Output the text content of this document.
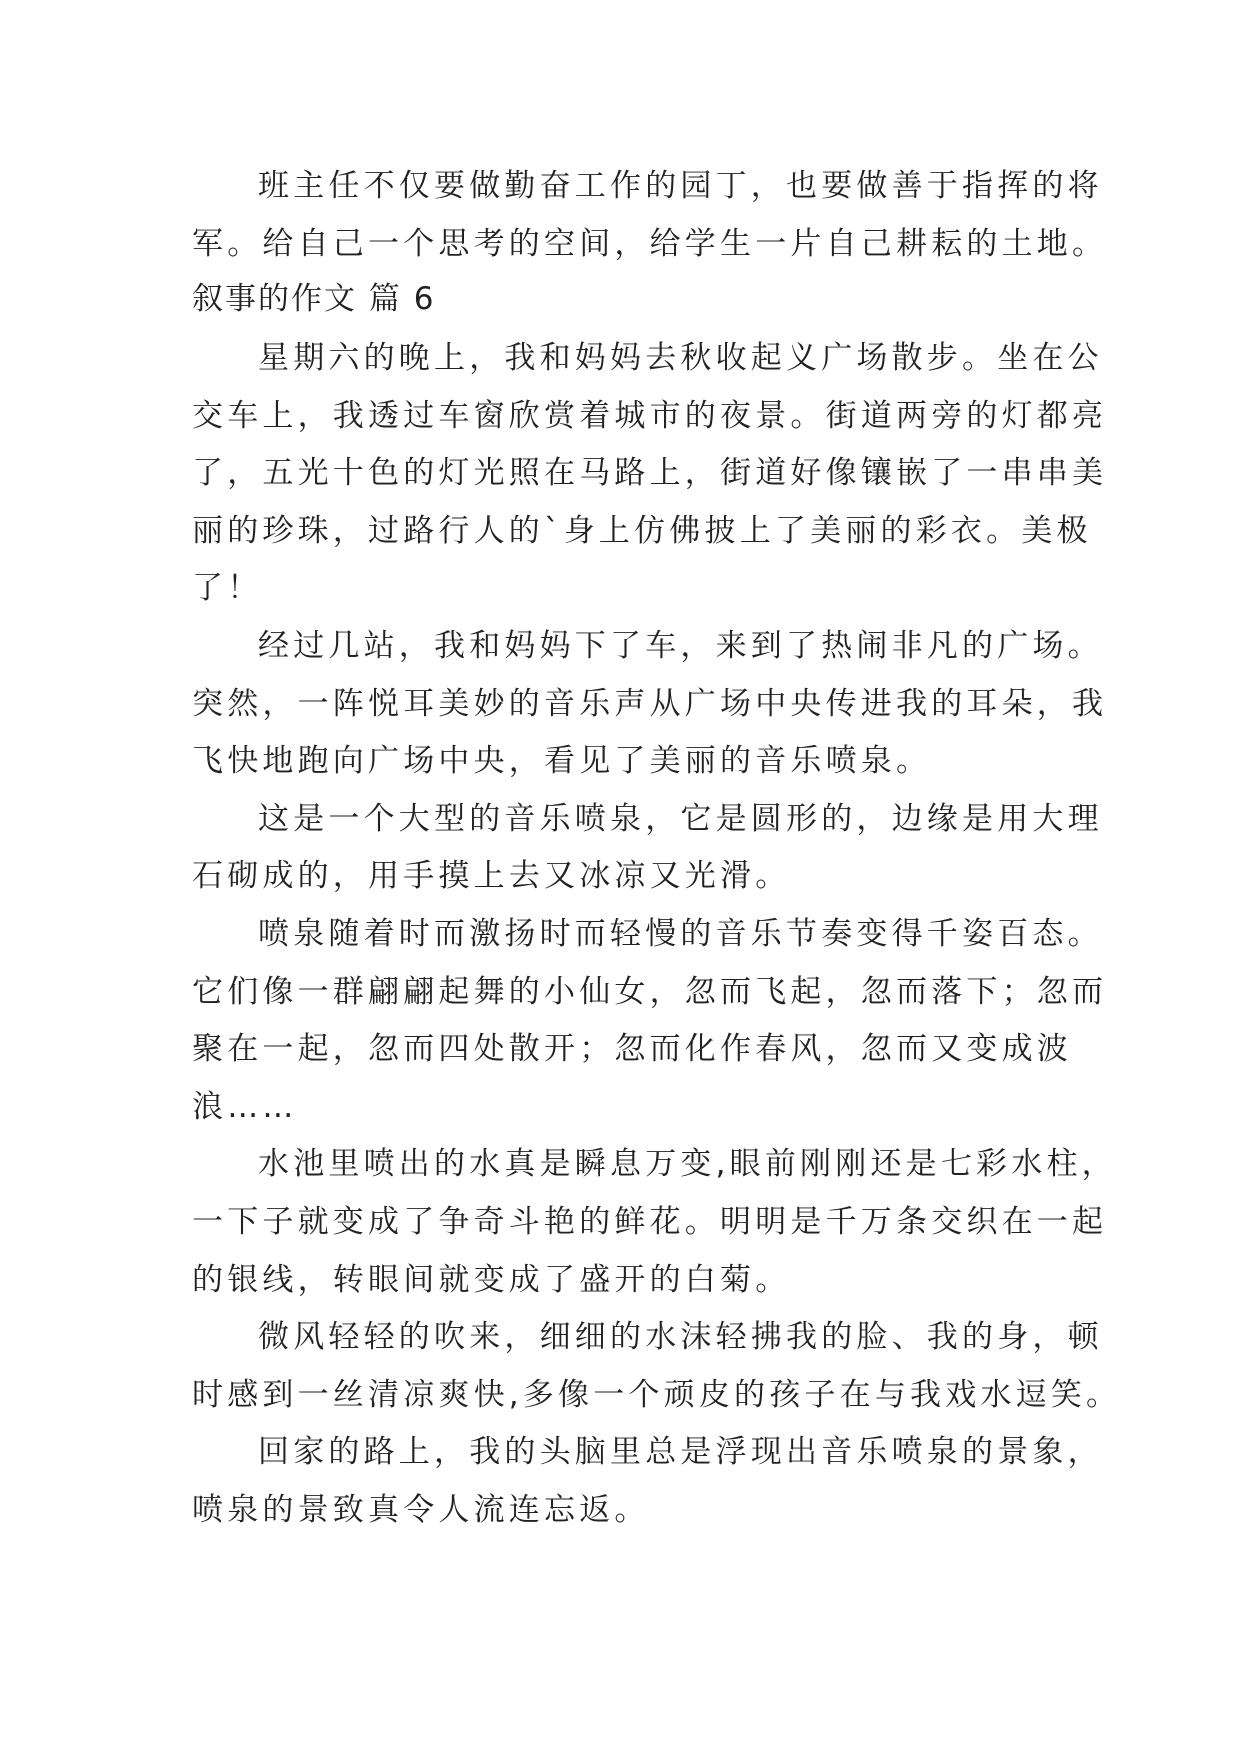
班主任不仅要做勤奋工作的园丁，也要做善于指挥的将
军。给自己一个思考的空间，给学生一片自己耕耘的土地。
叙事的作文 篇 6
星期六的晚上，我和妈妈去秋收起义广场散步。坐在公
交车上，我透过车窗欣赏着城市的夜景。街道两旁的灯都亮
了，五光十色的灯光照在马路上，街道好像镶嵌了一串串美
丽的珍珠，过路行人的`身上仿佛披上了美丽的彩衣。美极
了！
经过几站，我和妈妈下了车，来到了热闹非凡的广场。
突然，一阵悦耳美妙的音乐声从广场中央传进我的耳朵，我
飞快地跑向广场中央，看见了美丽的音乐喷泉。
这是一个大型的音乐喷泉，它是圆形的，边缘是用大理
石砌成的，用手摸上去又冰凉又光滑。
喷泉随着时而激扬时而轻慢的音乐节奏变得千姿百态。
它们像一群翩翩起舞的小仙女，忽而飞起，忽而落下；忽而
聚在一起，忽而四处散开；忽而化作春风，忽而又变成波
浪……
水池里喷出的水真是瞬息万变,眼前刚刚还是七彩水柱，
一下子就变成了争奇斗艳的鲜花。明明是千万条交织在一起
的银线，转眼间就变成了盛开的白菊。
微风轻轻的吹来，细细的水沫轻拂我的脸、我的身，顿
时感到一丝清凉爽快,多像一个顽皮的孩子在与我戏水逗笑。
回家的路上，我的头脑里总是浮现出音乐喷泉的景象，
喷泉的景致真令人流连忘返。
